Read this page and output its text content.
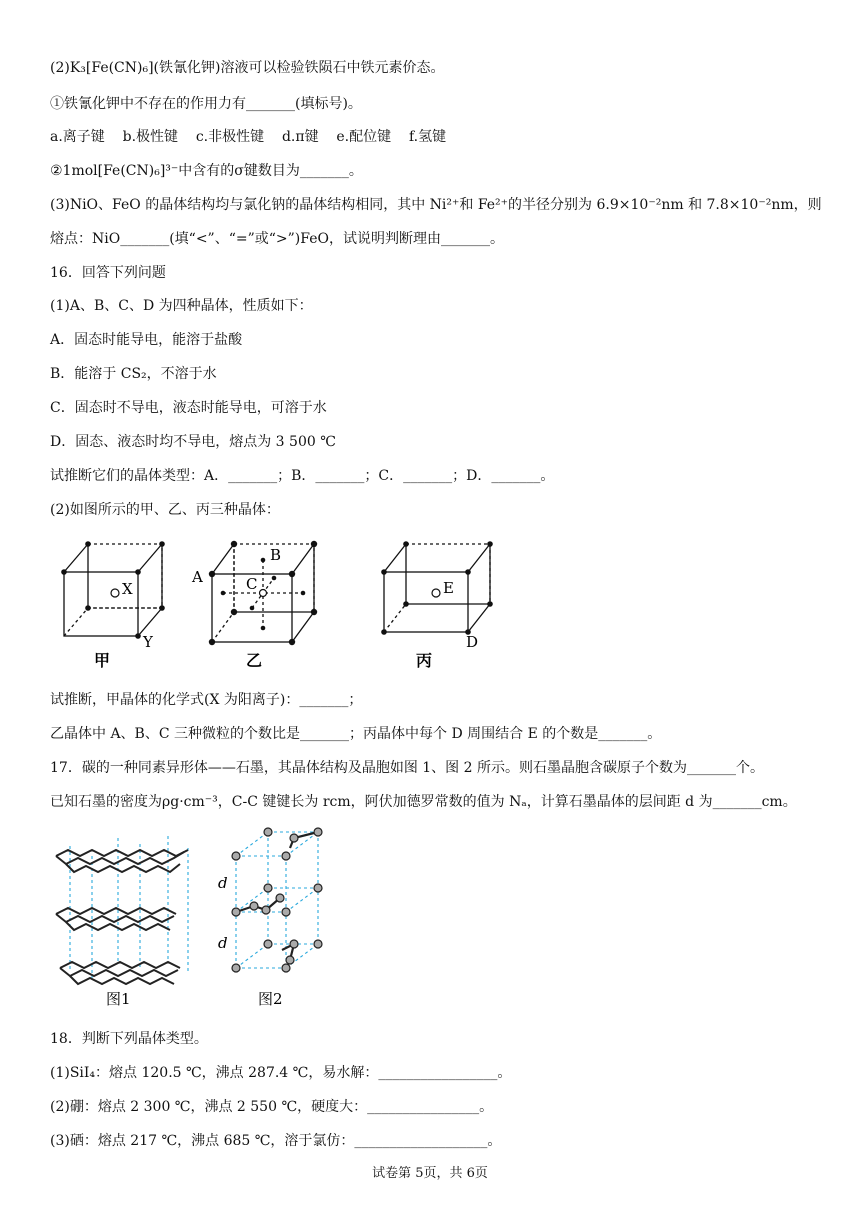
(2)K₃[Fe(CN)₆](铁氰化钾)溶液可以检验铁陨石中铁元素价态。
①铁氰化钾中不存在的作用力有_______(填标号)。
a.离子键 b.极性键 c.非极性键 d.π键 e.配位键 f.氢键
②1mol[Fe(CN)₆]³⁻中含有的σ键数目为_______。
(3)NiO、FeO 的晶体结构均与氯化钠的晶体结构相同，其中 Ni²⁺和 Fe²⁺的半径分别为 6.9×10⁻²nm 和 7.8×10⁻²nm，则
熔点：NiO_______(填“<”、“=”或“>”)FeO，试说明判断理由_______。
16．回答下列问题
(1)A、B、C、D 为四种晶体，性质如下：
A．固态时能导电，能溶于盐酸
B．能溶于 CS₂，不溶于水
C．固态时不导电，液态时能导电，可溶于水
D．固态、液态时均不导电，熔点为 3 500 ℃
试推断它们的晶体类型：A．_______；B．_______；C．_______；D．_______。
(2)如图所示的甲、乙、丙三种晶体：
X
Y
甲
A
B
C
乙
E
D
丙
试推断，甲晶体的化学式(X 为阳离子)：_______；
乙晶体中 A、B、C 三种微粒的个数比是_______；丙晶体中每个 D 周围结合 E 的个数是_______。
17．碳的一种同素异形体——石墨，其晶体结构及晶胞如图 1、图 2 所示。则石墨晶胞含碳原子个数为_______个。
已知石墨的密度为ρg·cm⁻³，C-C 键键长为 rcm，阿伏加德罗常数的值为 Nₐ，计算石墨晶体的层间距 d 为_______cm。
图1
d
d
图2
18．判断下列晶体类型。
(1)SiI₄：熔点 120.5 ℃，沸点 287.4 ℃，易水解：_________________。
(2)硼：熔点 2 300 ℃，沸点 2 550 ℃，硬度大：________________。
(3)硒：熔点 217 ℃，沸点 685 ℃，溶于氯仿：___________________。
试卷第 5页，共 6页
